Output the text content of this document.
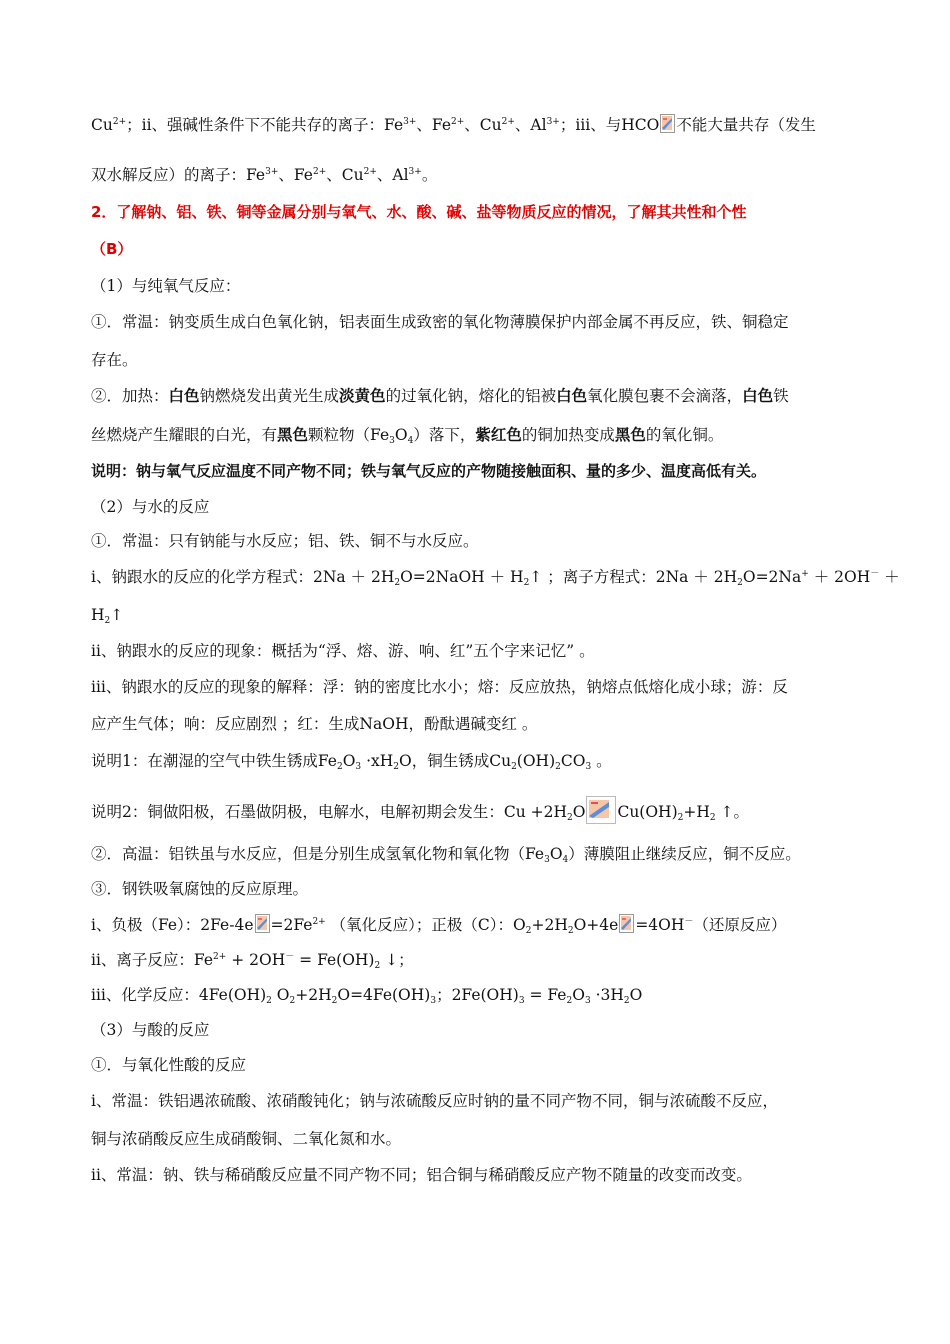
$Cu^{2+}$；ⅱ、强碱性条件下不能共存的离子：$Fe^{3+}$、$Fe^{2+}$、$Cu^{2+}$、$Al^{3+}$；ⅲ、与HCO 不能大量共存（发生
双水解反应）的离子：$Fe^{3+}$、$Fe^{2+}$、$Cu^{2+}$、$Al^{3+}$。
2．了解钠、铝、铁、铜等金属分别与氧气、水、酸、碱、盐等物质反应的情况，了解其共性和个性
（B）
（1）与纯氧气反应：
①．常温：钠变质生成白色氧化钠，铝表面生成致密的氧化物薄膜保护内部金属不再反应，铁、铜稳定
存在。
②．加热：白色钠燃烧发出黄光生成淡黄色的过氧化钠，熔化的铝被白色氧化膜包裹不会滴落，白色铁
丝燃烧产生耀眼的白光，有黑色颗粒物$(Fe_3O_4)$落下，紫红色的铜加热变成黑色的氧化铜。
说明：钠与氧气反应温度不同产物不同；铁与氧气反应的产物随接触面积、量的多少、温度高低有关。
（2）与水的反应
①．常温：只有钠能与水反应；铝、铁、铜不与水反应。
ⅰ、钠跟水的反应的化学方程式：$2Na + 2H_2O=2NaOH$ ＋ $H_2↑$ ；离子方程式：$2Na + 2H_2O=2Na^+ + 2OH^-$ ＋
$H_2↑$
ⅱ、钠跟水的反应的现象：概括为“浮、熔、游、响、红”五个字来记忆” 。
ⅲ、钠跟水的反应的现象的解释：浮：钠的密度比水小；熔：反应放热，钠熔点低熔化成小球；游：反
应产生气体；响：反应剧烈 ；红：生成NaOH，酚酞遇碱变红 。
说明1：在潮湿的空气中铁生锈成$Fe_2O_3 \cdot xH_2O$，铜生锈成$Cu_2(OH)_2CO_3$ 。
说明2：铜做阳极，石墨做阴极，电解水，电解初期会发生：$Cu +2H_2O$ $Cu(OH)_2+H_2$ ↑。
②．高温：铝铁虽与水反应，但是分别生成氢氧化物和氧化物$(Fe_3O_4)$薄膜阻止继续反应，铜不反应。
③．钢铁吸氧腐蚀的反应原理。
ⅰ、负极（Fe）：$2Fe-4e =2Fe^{2+}$ （氧化反应）；正极（C）：$O_2+2H_2O+4e =4OH^-$（还原反应）
ⅱ、离子反应：$Fe^{2+} + 2OH^- = Fe(OH)_2$ ↓；
ⅲ、化学反应：$4Fe(OH)_2$ $O_2+2H_2O=4Fe(OH)_3$；$2Fe(OH)_3 = Fe_2O_3 \cdot 3H_2O$
（3）与酸的反应
①．与氧化性酸的反应
ⅰ、常温：铁铝遇浓硫酸、浓硝酸钝化；钠与浓硫酸反应时钠的量不同产物不同，铜与浓硫酸不反应，
铜与浓硝酸反应生成硝酸铜、二氧化氮和水。
ⅱ、常温：钠、铁与稀硝酸反应量不同产物不同；铝合铜与稀硝酸反应产物不随量的改变而改变。
